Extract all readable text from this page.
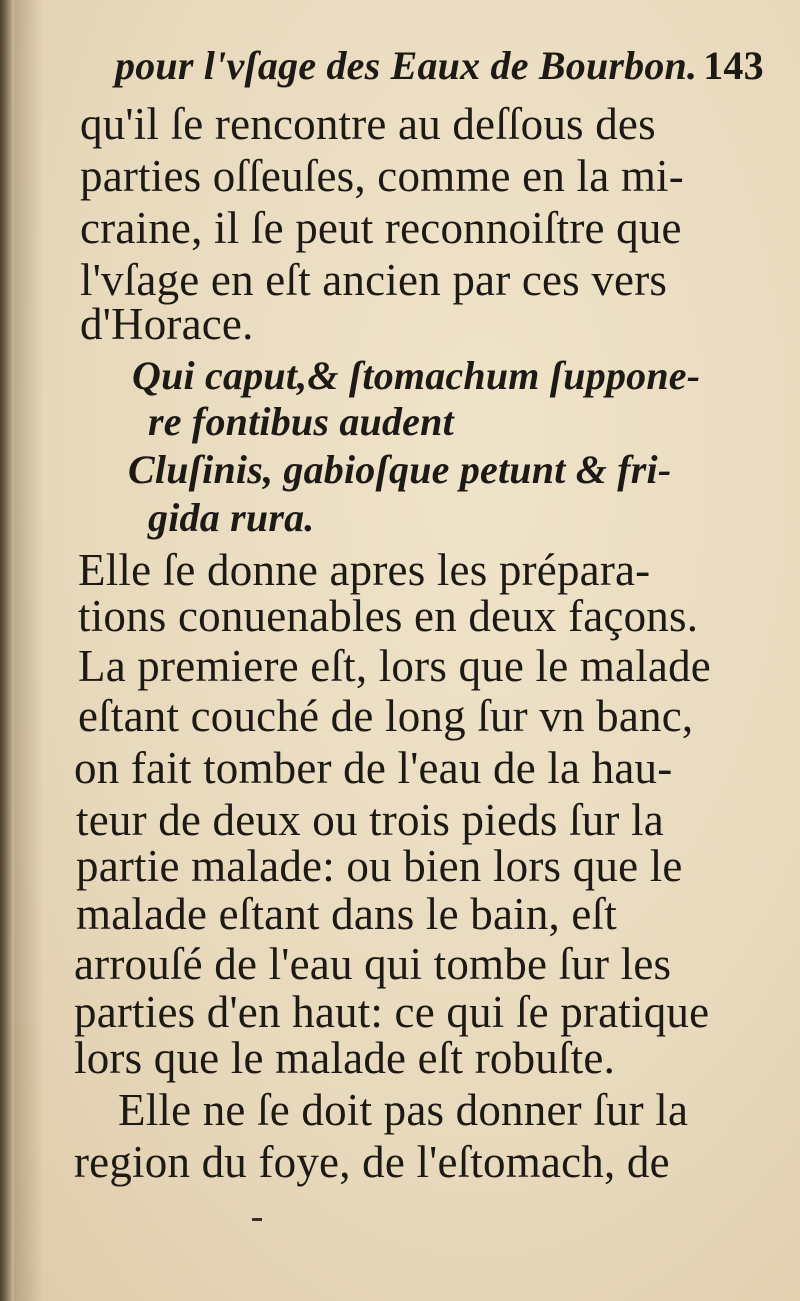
pour l'vſage des Eaux de Bourbon. 143
qu'il ſe rencontre au deſſous des
parties oſſeuſes, comme en la mi-
craine, il ſe peut reconnoiſtre que
l'vſage en eſt ancien par ces vers
d'Horace.
Qui caput,& ſtomachum ſuppone-
re fontibus audent
Cluſinis, gabioſque petunt & fri-
gida rura.
Elle ſe donne apres les prépara-
tions conuenables en deux façons.
La premiere eſt, lors que le malade
eſtant couché de long ſur vn banc,
on fait tomber de l'eau de la hau-
teur de deux ou trois pieds ſur la
partie malade: ou bien lors que le
malade eſtant dans le bain, eſt
arrouſé de l'eau qui tombe ſur les
parties d'en haut: ce qui ſe pratique
lors que le malade eſt robuſte.
Elle ne ſe doit pas donner ſur la
region du foye, de l'eſtomach, de
